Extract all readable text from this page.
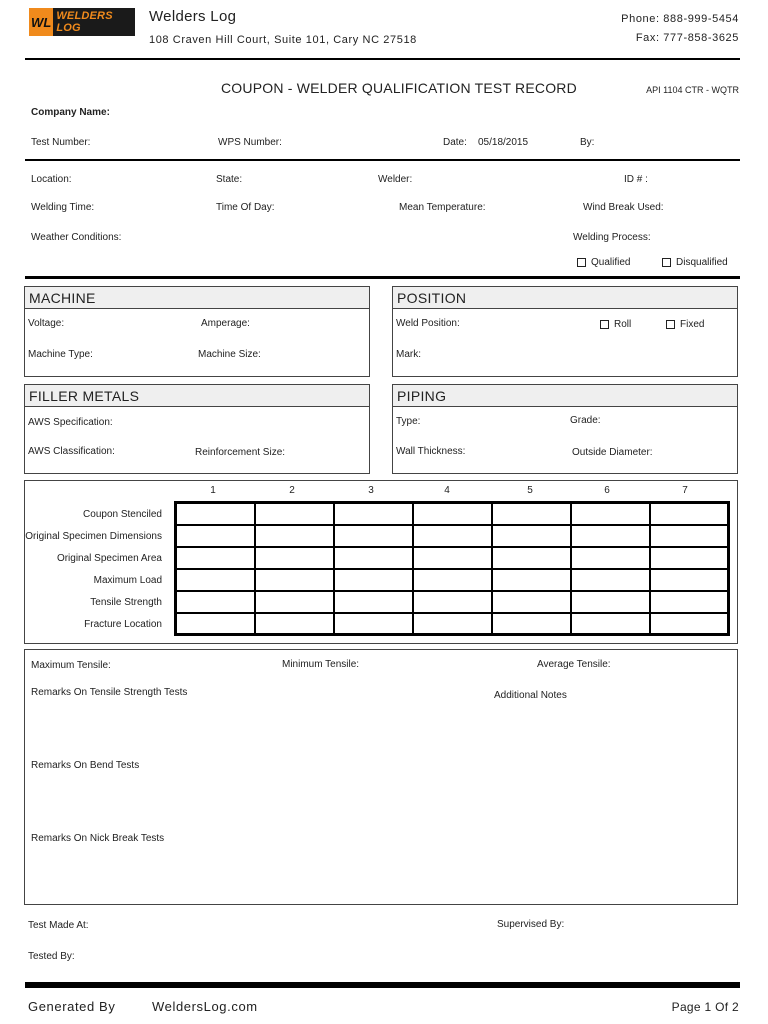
WL WELDERS LOG
Welders Log
108 Craven Hill Court, Suite 101, Cary NC 27518
Phone: 888-999-5454
Fax: 777-858-3625
COUPON - WELDER QUALIFICATION TEST RECORD	API 1104 CTR - WQTR
Company Name:
Test Number:	WPS Number:	Date: 05/18/2015	By:
Location:	State:	Welder:	ID # :
Welding Time:	Time Of Day:	Mean Temperature:	Wind Break Used:
Weather Conditions:	Welding Process:
Qualified	Disqualified
MACHINE
Voltage:	Amperage:
Machine Type:	Machine Size:
POSITION
Weld Position:	Roll	Fixed
Mark:
FILLER METALS
AWS Specification:
AWS Classification:	Reinforcement Size:
PIPING
Type:	Grade:
Wall Thickness:	Outside Diameter:
1	2	3	4	5	6	7
Coupon Stenciled
Original Specimen Dimensions
Original Specimen Area
Maximum Load
Tensile Strength
Fracture Location

Maximum Tensile:	Minimum Tensile:	Average Tensile:
Remarks On Tensile Strength Tests	Additional Notes
Remarks On Bend Tests
Remarks On Nick Break Tests
Test Made At:	Supervised By:
Tested By:
Generated By	WeldersLog.com	Page 1 Of 2
